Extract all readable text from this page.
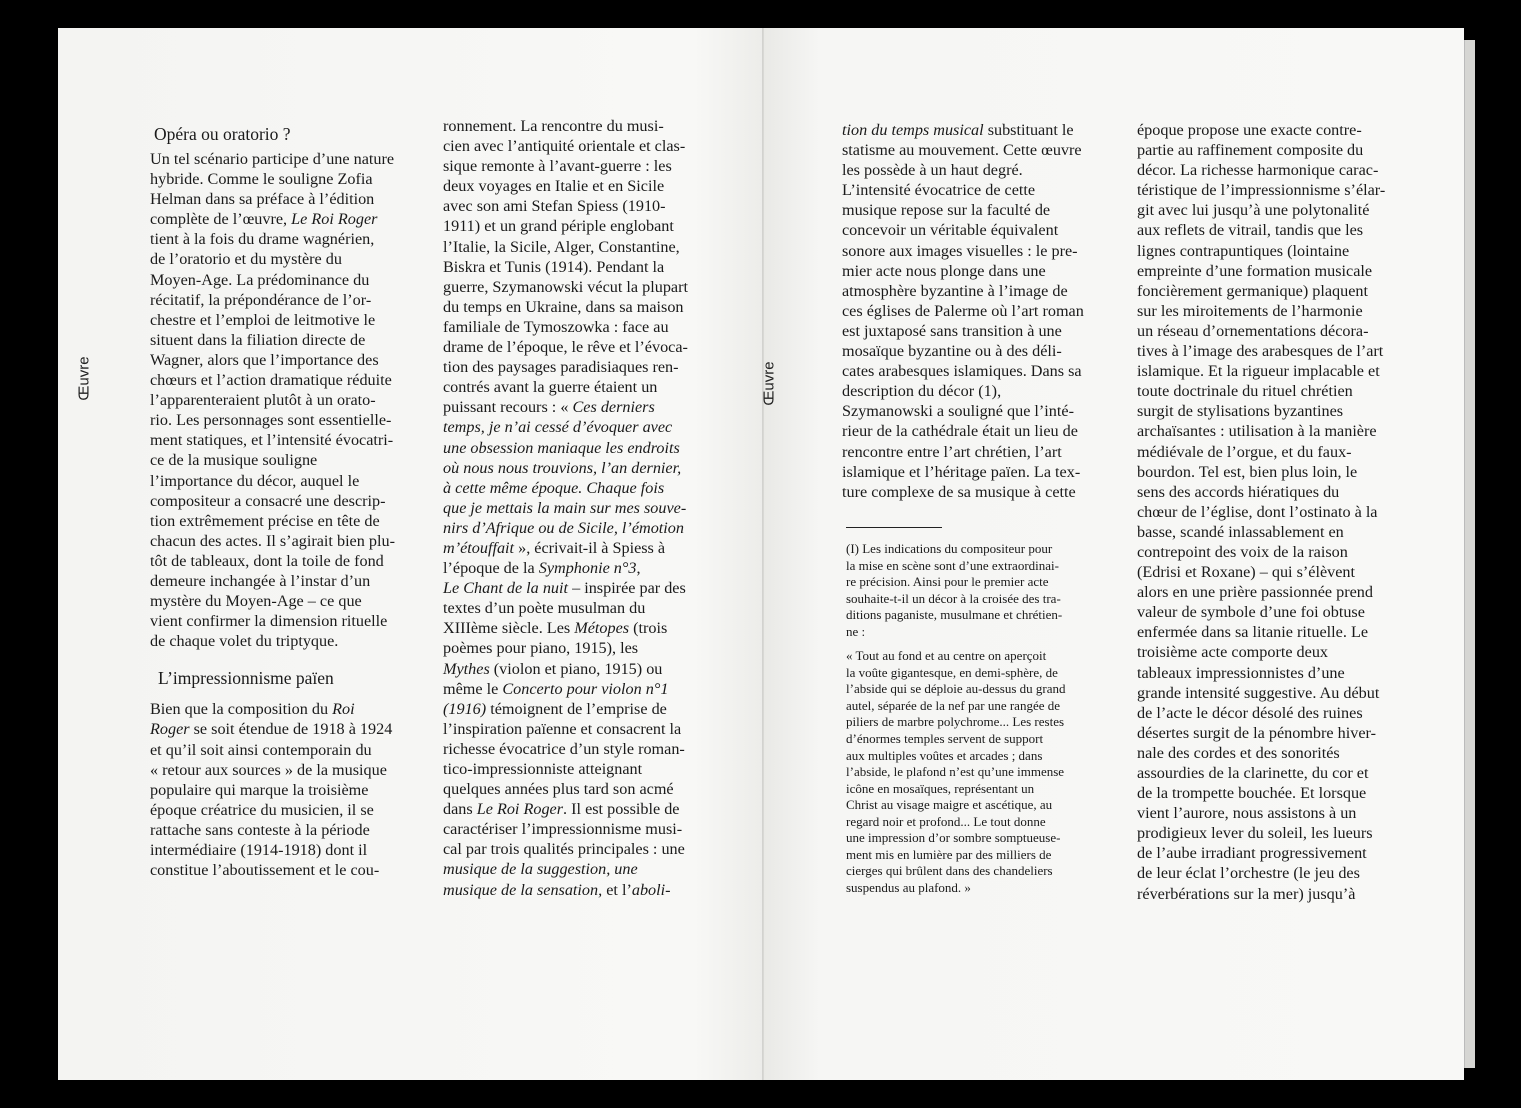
Œuvre	Œuvre
Opéra ou oratorio ?
Un tel scénario participe d’une nature
hybride. Comme le souligne Zofia
Helman dans sa préface à l’édition
complète de l’œuvre, Le Roi Roger
tient à la fois du drame wagnérien,
de l’oratorio et du mystère du
Moyen-Age. La prédominance du
récitatif, la prépondérance de l’or-
chestre et l’emploi de leitmotive le
situent dans la filiation directe de
Wagner, alors que l’importance des
chœurs et l’action dramatique réduite
l’apparenteraient plutôt à un orato-
rio. Les personnages sont essentielle-
ment statiques, et l’intensité évocatri-
ce de la musique souligne
l’importance du décor, auquel le
compositeur a consacré une descrip-
tion extrêmement précise en tête de
chacun des actes. Il s’agirait bien plu-
tôt de tableaux, dont la toile de fond
demeure inchangée à l’instar d’un
mystère du Moyen-Age – ce que
vient confirmer la dimension rituelle
de chaque volet du triptyque.
L’impressionnisme païen
Bien que la composition du Roi
Roger se soit étendue de 1918 à 1924
et qu’il soit ainsi contemporain du
« retour aux sources » de la musique
populaire qui marque la troisième
époque créatrice du musicien, il se
rattache sans conteste à la période
intermédiaire (1914-1918) dont il
constitue l’aboutissement et le cou-
ronnement. La rencontre du musi-
cien avec l’antiquité orientale et clas-
sique remonte à l’avant-guerre : les
deux voyages en Italie et en Sicile
avec son ami Stefan Spiess (1910-
1911) et un grand périple englobant
l’Italie, la Sicile, Alger, Constantine,
Biskra et Tunis (1914). Pendant la
guerre, Szymanowski vécut la plupart
du temps en Ukraine, dans sa maison
familiale de Tymoszowka : face au
drame de l’époque, le rêve et l’évoca-
tion des paysages paradisiaques ren-
contrés avant la guerre étaient un
puissant recours : « Ces derniers
temps, je n’ai cessé d’évoquer avec
une obsession maniaque les endroits
où nous nous trouvions, l’an dernier,
à cette même époque. Chaque fois
que je mettais la main sur mes souve-
nirs d’Afrique ou de Sicile, l’émotion
m’étouffait », écrivait-il à Spiess à
l’époque de la Symphonie n°3,
Le Chant de la nuit – inspirée par des
textes d’un poète musulman du
XIIIème siècle. Les Métopes (trois
poèmes pour piano, 1915), les
Mythes (violon et piano, 1915) ou
même le Concerto pour violon n°1
(1916) témoignent de l’emprise de
l’inspiration païenne et consacrent la
richesse évocatrice d’un style roman-
tico-impressionniste atteignant
quelques années plus tard son acmé
dans Le Roi Roger. Il est possible de
caractériser l’impressionnisme musi-
cal par trois qualités principales : une
musique de la suggestion, une
musique de la sensation, et l’aboli-
tion du temps musical substituant le
statisme au mouvement. Cette œuvre
les possède à un haut degré.
L’intensité évocatrice de cette
musique repose sur la faculté de
concevoir un véritable équivalent
sonore aux images visuelles : le pre-
mier acte nous plonge dans une
atmosphère byzantine à l’image de
ces églises de Palerme où l’art roman
est juxtaposé sans transition à une
mosaïque byzantine ou à des déli-
cates arabesques islamiques. Dans sa
description du décor (1),
Szymanowski a souligné que l’inté-
rieur de la cathédrale était un lieu de
rencontre entre l’art chrétien, l’art
islamique et l’héritage païen. La tex-
ture complexe de sa musique à cette
(I) Les indications du compositeur pour
la mise en scène sont d’une extraordinai-
re précision. Ainsi pour le premier acte
souhaite-t-il un décor à la croisée des tra-
ditions paganiste, musulmane et chrétien-
ne :
« Tout au fond et au centre on aperçoit
la voûte gigantesque, en demi-sphère, de
l’abside qui se déploie au-dessus du grand
autel, séparée de la nef par une rangée de
piliers de marbre polychrome... Les restes
d’énormes temples servent de support
aux multiples voûtes et arcades ; dans
l’abside, le plafond n’est qu’une immense
icône en mosaïques, représentant un
Christ au visage maigre et ascétique, au
regard noir et profond... Le tout donne
une impression d’or sombre somptueuse-
ment mis en lumière par des milliers de
cierges qui brûlent dans des chandeliers
suspendus au plafond. »
époque propose une exacte contre-
partie au raffinement composite du
décor. La richesse harmonique carac-
téristique de l’impressionnisme s’élar-
git avec lui jusqu’à une polytonalité
aux reflets de vitrail, tandis que les
lignes contrapuntiques (lointaine
empreinte d’une formation musicale
foncièrement germanique) plaquent
sur les miroitements de l’harmonie
un réseau d’ornementations décora-
tives à l’image des arabesques de l’art
islamique. Et la rigueur implacable et
toute doctrinale du rituel chrétien
surgit de stylisations byzantines
archaïsantes : utilisation à la manière
médiévale de l’orgue, et du faux-
bourdon. Tel est, bien plus loin, le
sens des accords hiératiques du
chœur de l’église, dont l’ostinato à la
basse, scandé inlassablement en
contrepoint des voix de la raison
(Edrisi et Roxane) – qui s’élèvent
alors en une prière passionnée prend
valeur de symbole d’une foi obtuse
enfermée dans sa litanie rituelle. Le
troisième acte comporte deux
tableaux impressionnistes d’une
grande intensité suggestive. Au début
de l’acte le décor désolé des ruines
désertes surgit de la pénombre hiver-
nale des cordes et des sonorités
assourdies de la clarinette, du cor et
de la trompette bouchée. Et lorsque
vient l’aurore, nous assistons à un
prodigieux lever du soleil, les lueurs
de l’aube irradiant progressivement
de leur éclat l’orchestre (le jeu des
réverbérations sur la mer) jusqu’à
